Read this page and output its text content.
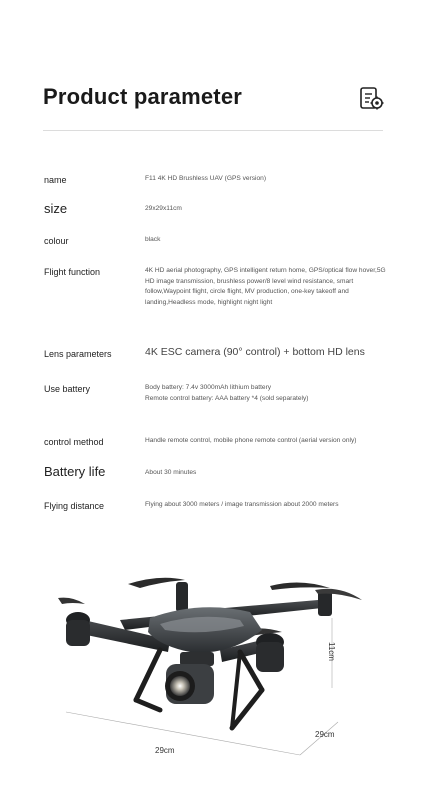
Product parameter
name	F11 4K HD Brushless UAV (GPS version)
size	29x29x11cm
colour	black
Flight function	4K HD aerial photography, GPS intelligent return home, GPS/optical flow hover,5G HD image transmission, brushless power/8 level wind resistance, smart follow,Waypoint flight, circle flight, MV production, one-key takeoff and landing,Headless mode, highlight night light
Lens parameters	4K ESC camera (90° control) + bottom HD lens
Use battery	Body battery: 7.4v 3000mAh lithium battery
Remote control battery: AAA battery *4 (sold separately)
control method	Handle remote control, mobile phone remote control (aerial version only)
Battery life	About 30 minutes
Flying distance	Flying about 3000 meters / image transmission about 2000 meters
29cm
29cm
11cm
